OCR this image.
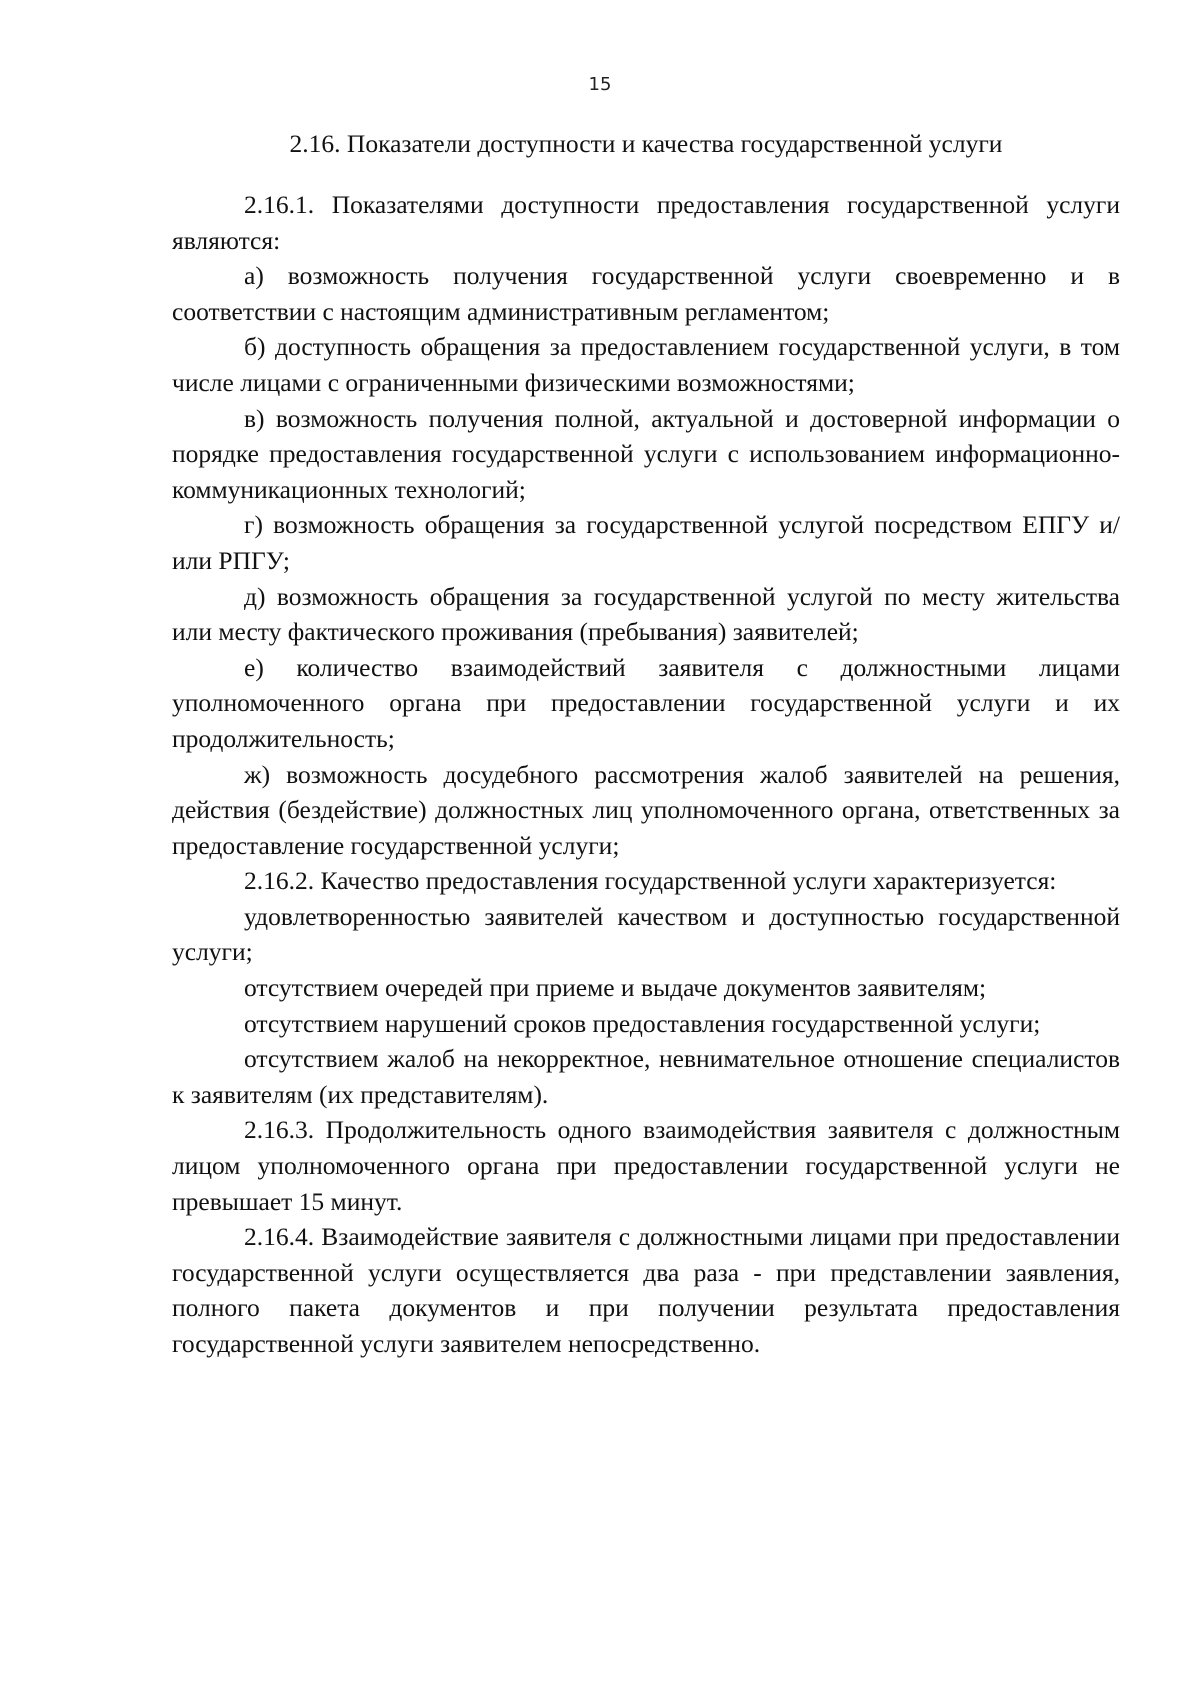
15
2.16. Показатели доступности и качества государственной услуги

2.16.1. Показателями доступности предоставления государственной услуги являются:

а) возможность получения государственной услуги своевременно и в соответствии с настоящим административным регламентом;

б) доступность обращения за предоставлением государственной услуги, в том числе лицами с ограниченными физическими возможностями;

в) возможность получения полной, актуальной и достоверной информации о порядке предоставления государственной услуги с использованием информационно-коммуникационных технологий;

г) возможность обращения за государственной услугой посредством ЕПГУ и/или РПГУ;

д) возможность обращения за государственной услугой по месту жительства или месту фактического проживания (пребывания) заявителей;

е) количество взаимодействий заявителя с должностными лицами уполномоченного органа при предоставлении государственной услуги и их продолжительность;

ж) возможность досудебного рассмотрения жалоб заявителей на решения, действия (бездействие) должностных лиц уполномоченного органа, ответственных за предоставление государственной услуги;

2.16.2. Качество предоставления государственной услуги характеризуется:

удовлетворенностью заявителей качеством и доступностью государственной услуги;

отсутствием очередей при приеме и выдаче документов заявителям;

отсутствием нарушений сроков предоставления государственной услуги;

отсутствием жалоб на некорректное, невнимательное отношение специалистов к заявителям (их представителям).

2.16.3. Продолжительность одного взаимодействия заявителя с должностным лицом уполномоченного органа при предоставлении государственной услуги не превышает 15 минут.

2.16.4. Взаимодействие заявителя с должностными лицами при предоставлении государственной услуги осуществляется два раза - при представлении заявления, полного пакета документов и при получении результата предоставления государственной услуги заявителем непосредственно.
